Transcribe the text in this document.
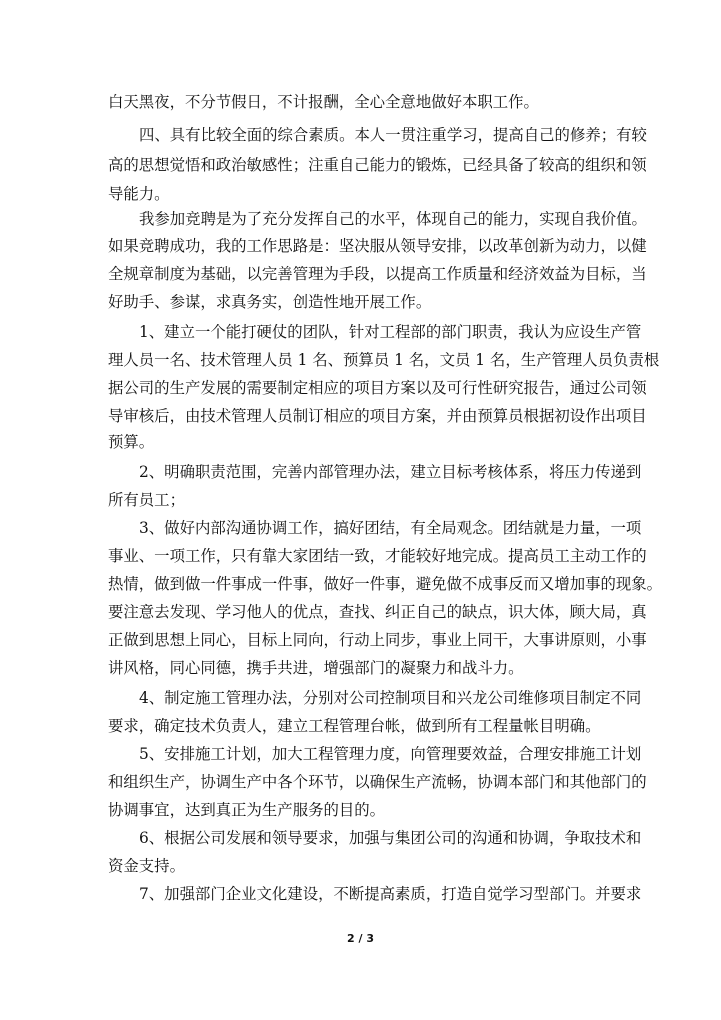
白天黑夜，不分节假日，不计报酬，全心全意地做好本职工作。
四、具有比较全面的综合素质。本人一贯注重学习，提高自己的修养；有较
高的思想觉悟和政治敏感性；注重自己能力的锻炼，已经具备了较高的组织和领
导能力。
我参加竞聘是为了充分发挥自己的水平，体现自己的能力，实现自我价值。
如果竞聘成功，我的工作思路是：坚决服从领导安排，以改革创新为动力，以健
全规章制度为基础，以完善管理为手段，以提高工作质量和经济效益为目标，当
好助手、参谋，求真务实，创造性地开展工作。
1、建立一个能打硬仗的团队，针对工程部的部门职责，我认为应设生产管
理人员一名、技术管理人员 1 名、预算员 1 名，文员 1 名，生产管理人员负责根
据公司的生产发展的需要制定相应的项目方案以及可行性研究报告，通过公司领
导审核后，由技术管理人员制订相应的项目方案，并由预算员根据初设作出项目
预算。
2、明确职责范围，完善内部管理办法，建立目标考核体系，将压力传递到
所有员工；
3、做好内部沟通协调工作，搞好团结，有全局观念。团结就是力量，一项
事业、一项工作，只有靠大家团结一致，才能较好地完成。提高员工主动工作的
热情，做到做一件事成一件事，做好一件事，避免做不成事反而又增加事的现象。
要注意去发现、学习他人的优点，查找、纠正自己的缺点，识大体，顾大局，真
正做到思想上同心，目标上同向，行动上同步，事业上同干，大事讲原则，小事
讲风格，同心同德，携手共进，增强部门的凝聚力和战斗力。
4、制定施工管理办法，分别对公司控制项目和兴龙公司维修项目制定不同
要求，确定技术负责人，建立工程管理台帐，做到所有工程量帐目明确。
5、安排施工计划，加大工程管理力度，向管理要效益，合理安排施工计划
和组织生产，协调生产中各个环节，以确保生产流畅，协调本部门和其他部门的
协调事宜，达到真正为生产服务的目的。
6、根据公司发展和领导要求，加强与集团公司的沟通和协调，争取技术和
资金支持。
7、加强部门企业文化建设，不断提高素质，打造自觉学习型部门。并要求
2 / 3
